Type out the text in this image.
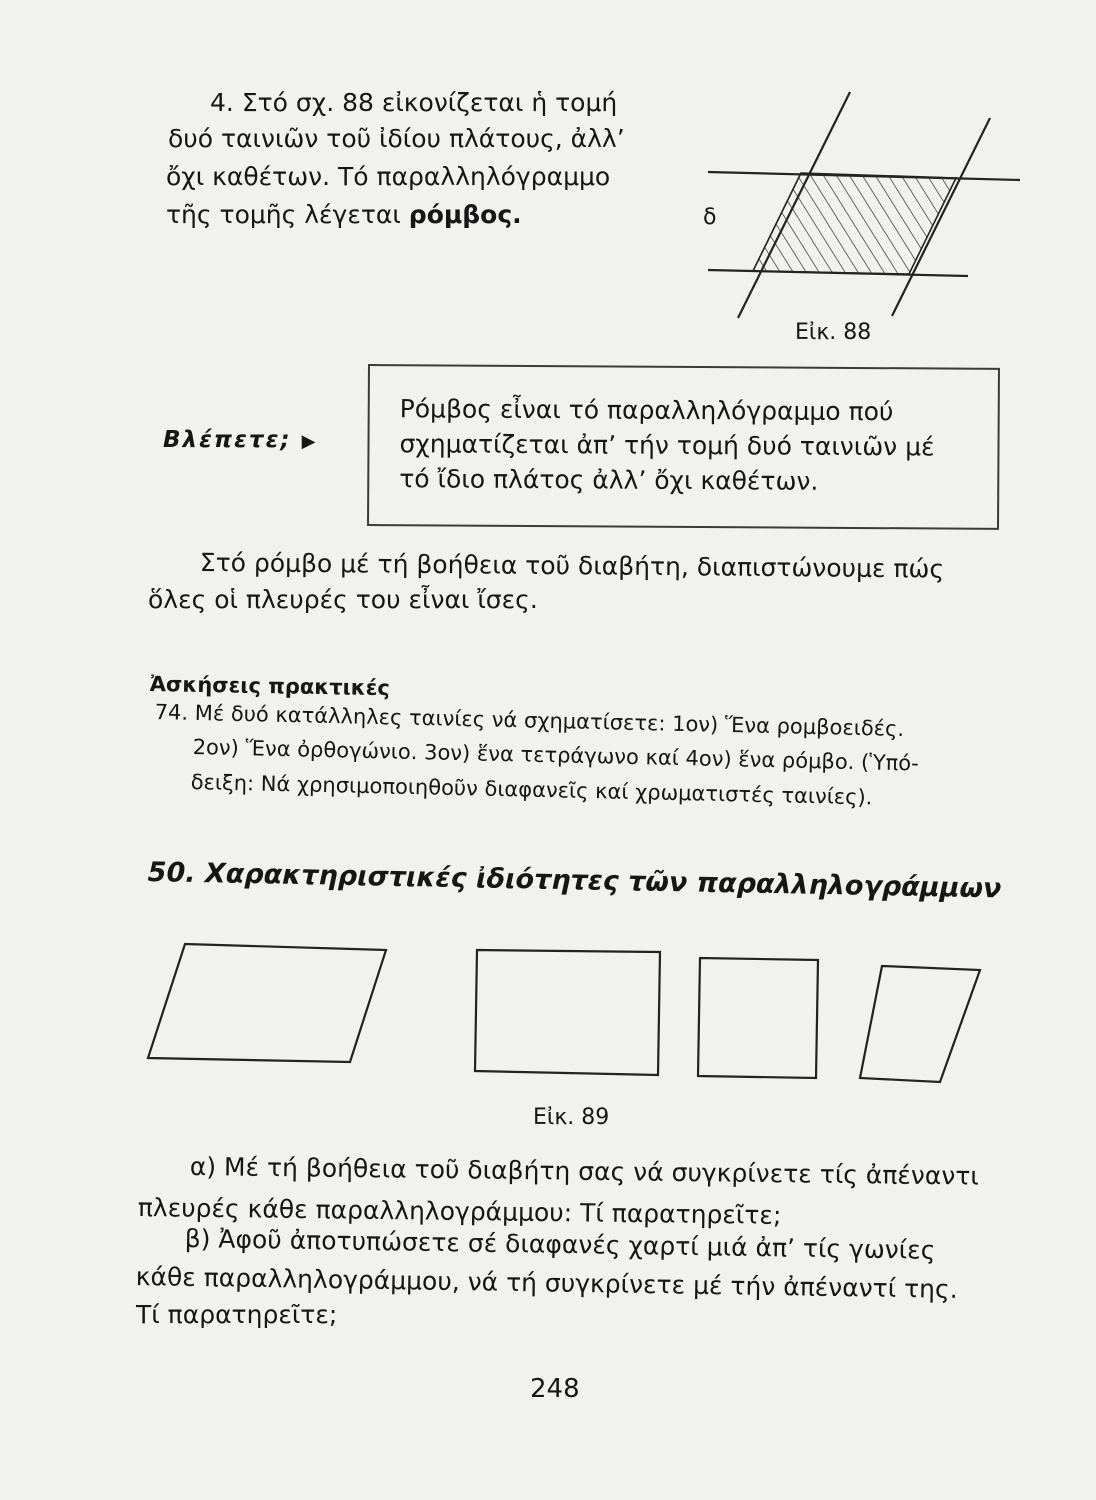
4. Στό σχ. 88 εἰκονίζεται ἡ τομή
δυό ταινιῶν τοῦ ἰδίου πλάτους, ἀλλ’
ὄχι καθέτων. Τό παραλληλόγραμμο
τῆς τομῆς λέγεται ρόμβος.	δ
Εἰκ. 88
Βλέπετε; ▶
Ρόμβος εἶναι τό παραλληλόγραμμο πού
σχηματίζεται ἀπ’ τήν τομή δυό ταινιῶν μέ
τό ἴδιο πλάτος ἀλλ’ ὄχι καθέτων.
Στό ρόμβο μέ τή βοήθεια τοῦ διαβήτη, διαπιστώνουμε πώς
ὅλες οἱ πλευρές του εἶναι ἴσες.
Ἀσκήσεις πρακτικές
74. Μέ δυό κατάλληλες ταινίες νά σχηματίσετε: 1ον) Ἕνα ρομβοειδές.
2ον) Ἕνα ὀρθογώνιο. 3ον) ἕνα τετράγωνο καί 4ον) ἕνα ρόμβο. (Ὑπό-
δειξη: Νά χρησιμοποιηθοῦν διαφανεῖς καί χρωματιστές ταινίες).
50. Χαρακτηριστικές ἰδιότητες τῶν παραλληλογράμμων
Εἰκ. 89
α) Μέ τή βοήθεια τοῦ διαβήτη σας νά συγκρίνετε τίς ἀπέναντι
πλευρές κάθε παραλληλογράμμου: Τί παρατηρεῖτε;
β) Ἀφοῦ ἀποτυπώσετε σέ διαφανές χαρτί μιά ἀπ’ τίς γωνίες
κάθε παραλληλογράμμου, νά τή συγκρίνετε μέ τήν ἀπέναντί της.
Τί παρατηρεῖτε;
248
